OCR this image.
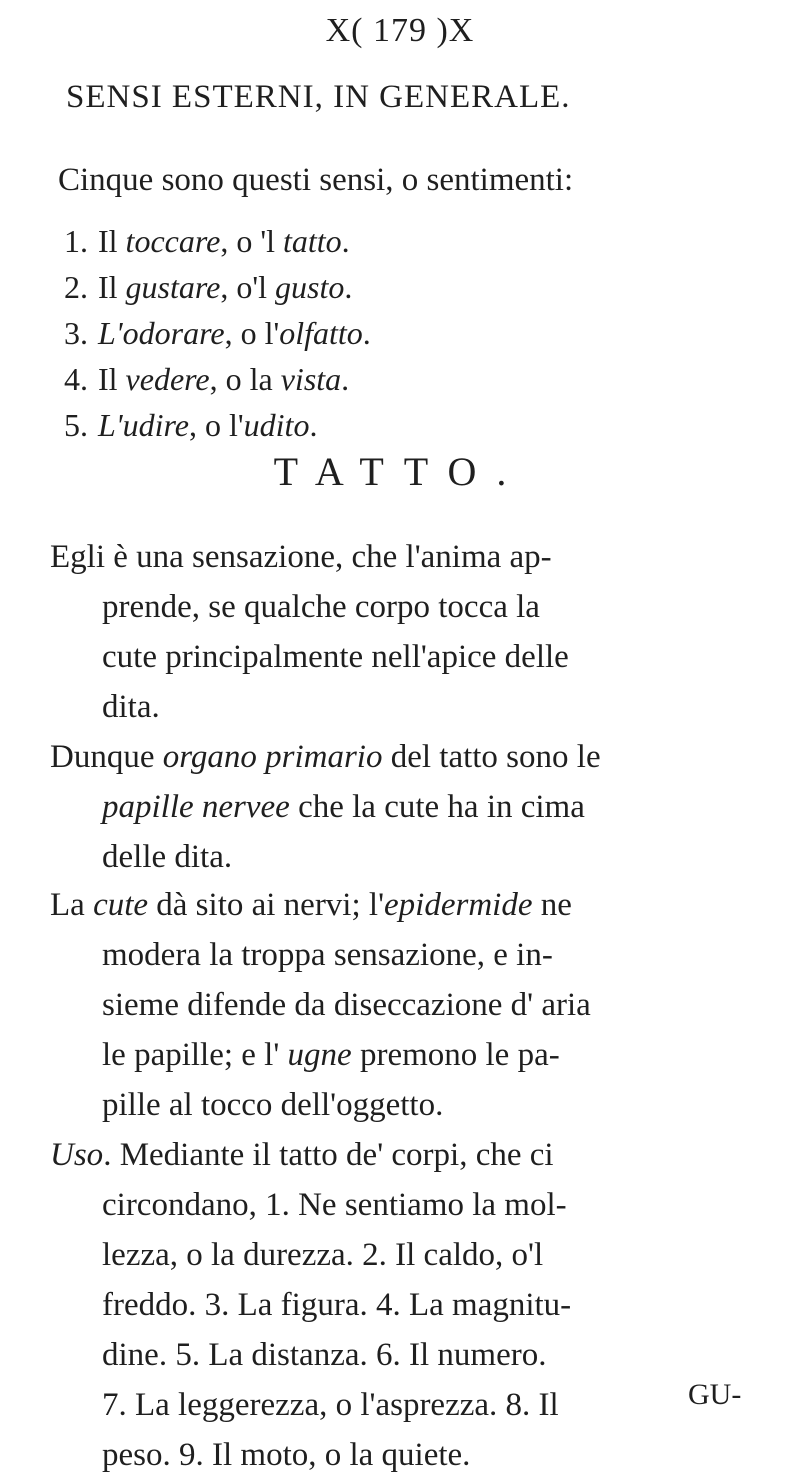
X( 179 )X
SENSI ESTERNI, IN GENERALE.
Cinque sono questi sensi, o sentimenti:
1. Il toccare, o 'l tatto.
2. Il gustare, o'l gusto.
3. L'odorare, o l'olfatto.
4. Il vedere, o la vista.
5. L'udire, o l'udito.
TATTO.
Egli è una sensazione, che l'anima ap-
prende, se qualche corpo tocca la
cute principalmente nell'apice delle
dita.
Dunque organo primario del tatto sono le
papille nervee che la cute ha in cima
delle dita.
La cute dà sito ai nervi; l'epidermide ne
modera la troppa sensazione, e in-
sieme difende da diseccazione d' aria
le papille; e l' ugne premono le pa-
pille al tocco dell'oggetto.
Uso. Mediante il tatto de' corpi, che ci
circondano, 1. Ne sentiamo la mol-
lezza, o la durezza. 2. Il caldo, o'l
freddo. 3. La figura. 4. La magnitu-
dine. 5. La distanza. 6. Il numero.
7. La leggerezza, o l'asprezza. 8. Il
peso. 9. Il moto, o la quiete.
GU-
